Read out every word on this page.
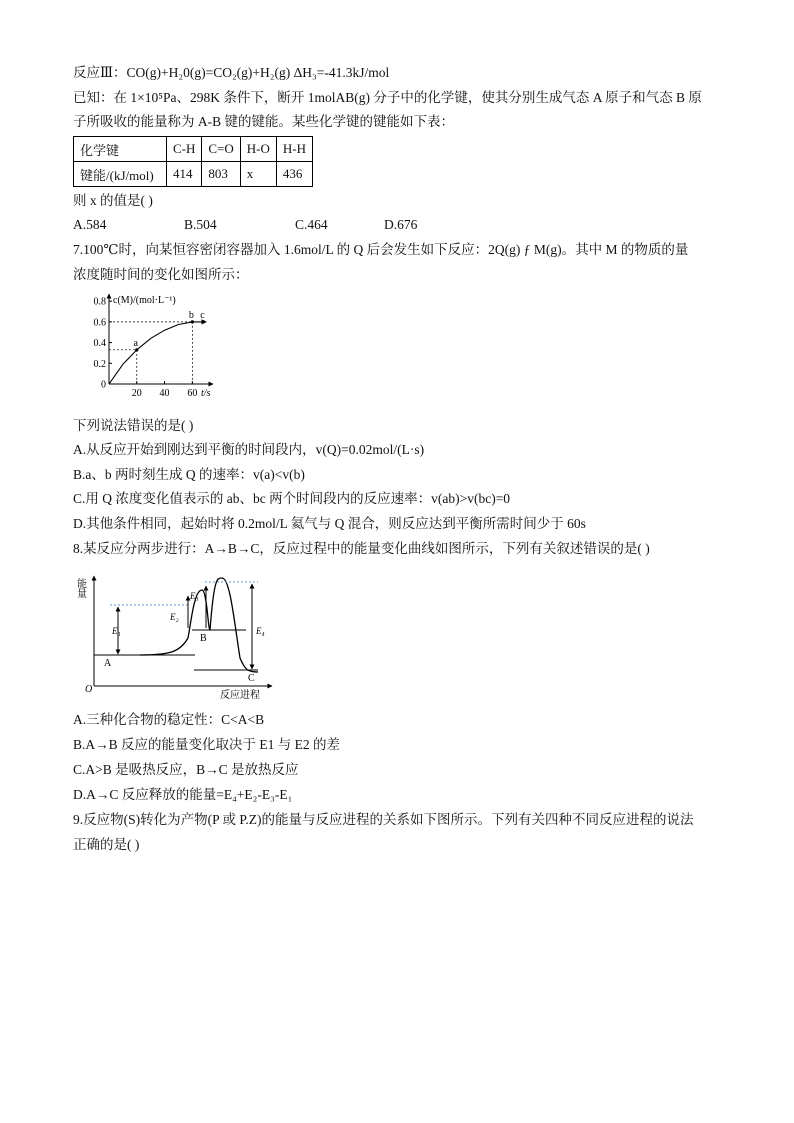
反应Ⅲ：CO(g)+H₂0(g)=CO₂(g)+H₂(g) ΔH₃=-41.3kJ/mol
已知：在 1×10⁵Pa、298K 条件下，断开 1molAB(g) 分子中的化学键，使其分别生成气态 A 原子和气态 B 原
子所吸收的能量称为 A-B 键的键能。某些化学键的键能如下表：
化学键	C-H	C=O	H-O	H-H
键能/(kJ/mol)	414	803	x	436
则 x 的值是( )
A.584	B.504	C.464	D.676
7.100℃时，向某恒容密闭容器加入 1.6mol/L 的 Q 后会发生如下反应：2Q(g) ƒ M(g)。其中 M 的物质的量
浓度随时间的变化如图所示：
0
0.2
0.4
0.6
0.8
20 40 60
a
b c
c(M)/(mol·L⁻¹)
t/s
下列说法错误的是( )
A.从反应开始到刚达到平衡的时间段内，v(Q)=0.02mol/(L·s)
B.a、b 两时刻生成 Q 的速率：v(a)<v(b)
C.用 Q 浓度变化值表示的 ab、bc 两个时间段内的反应速率：v(ab)>v(bc)=0
D.其他条件相同，起始时将 0.2mol/L 氦气与 Q 混合，则反应达到平衡所需时间少于 60s
8.某反应分两步进行：A→B→C，反应过程中的能量变化曲线如图所示，下列有关叙述错误的是( )
能量
O
反应进程
A
B
C
E₁
E₂
E₃
E₄
A.三种化合物的稳定性：C<A<B
B.A→B 反应的能量变化取决于 E1 与 E2 的差
C.A>B 是吸热反应，B→C 是放热反应
D.A→C 反应释放的能量=E₄+E₂-E₃-E₁
9.反应物(S)转化为产物(P 或 P.Z)的能量与反应进程的关系如下图所示。下列有关四种不同反应进程的说法
正确的是( )
